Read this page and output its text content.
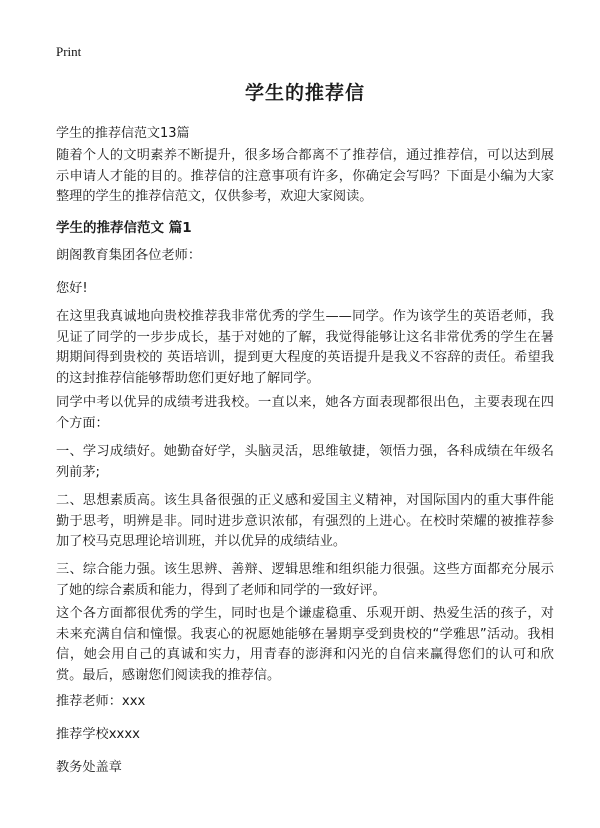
Print
学生的推荐信
学生的推荐信范文13篇

随着个人的文明素养不断提升，很多场合都离不了推荐信，通过推荐信，可以达到展示申请人才能的目的。推荐信的注意事项有许多，你确定会写吗？下面是小编为大家整理的学生的推荐信范文，仅供参考，欢迎大家阅读。

学生的推荐信范文 篇1
朗阁教育集团各位老师：
您好!

在这里我真诚地向贵校推荐我非常优秀的学生——同学。作为该学生的英语老师，我见证了同学的一步步成长，基于对她的了解，我觉得能够让这名非常优秀的学生在暑期期间得到贵校的 英语培训，提到更大程度的英语提升是我义不容辞的责任。希望我的这封推荐信能够帮助您们更好地了解同学。

同学中考以优异的成绩考进我校。一直以来，她各方面表现都很出色，主要表现在四个方面：

一、学习成绩好。她勤奋好学，头脑灵活，思维敏捷，领悟力强，各科成绩在年级名列前茅;

二、思想素质高。该生具备很强的正义感和爱国主义精神，对国际国内的重大事件能勤于思考，明辨是非。同时进步意识浓郁，有强烈的上进心。在校时荣耀的被推荐参加了校马克思理论培训班，并以优异的成绩结业。

三、综合能力强。该生思辨、善辩、逻辑思维和组织能力很强。这些方面都充分展示了她的综合素质和能力，得到了老师和同学的一致好评。

这个各方面都很优秀的学生，同时也是个谦虚稳重、乐观开朗、热爱生活的孩子，对未来充满自信和憧憬。我衷心的祝愿她能够在暑期享受到贵校的“学雅思”活动。我相信，她会用自己的真诚和实力，用青春的澎湃和闪光的自信来赢得您们的认可和欣赏。最后，感谢您们阅读我的推荐信。

推荐老师：xxx
推荐学校xxxx
教务处盖章
